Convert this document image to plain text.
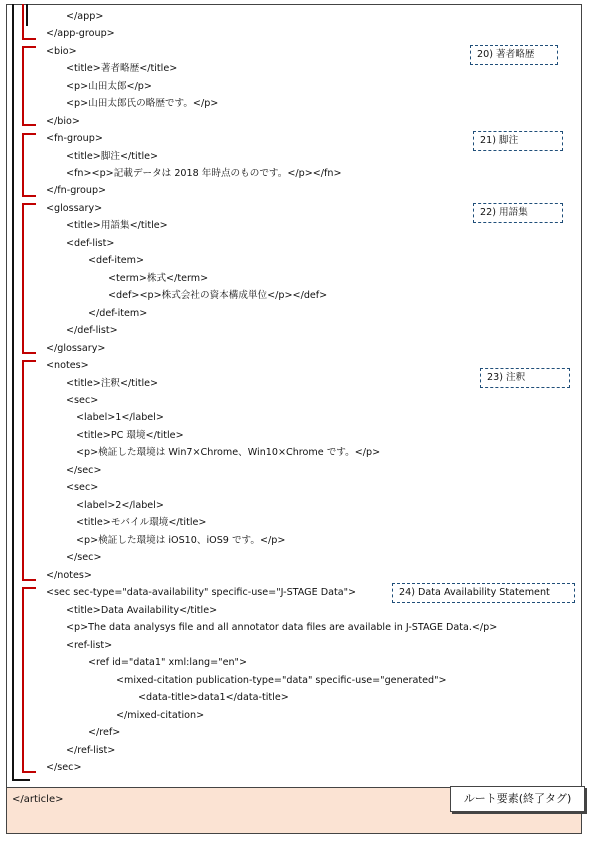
</app>
</app-group>
<bio>
<title>著者略歴</title>
<p>山田太郎</p>
<p>山田太郎氏の略歴です。</p>
</bio>
<fn-group>
<title>脚注</title>
<fn><p>記載データは 2018 年時点のものです。</p></fn>
</fn-group>
<glossary>
<title>用語集</title>
<def-list>
<def-item>
<term>株式</term>
<def><p>株式会社の資本構成単位</p></def>
</def-item>
</def-list>
</glossary>
<notes>
<title>注釈</title>
<sec>
<label>1</label>
<title>PC 環境</title>
<p>検証した環境は Win7×Chrome、Win10×Chrome です。</p>
</sec>
<sec>
<label>2</label>
<title>モバイル環境</title>
<p>検証した環境は iOS10、iOS9 です。</p>
</sec>
</notes>
<sec sec-type="data-availability" specific-use="J-STAGE Data">
<title>Data Availability</title>
<p>The data analysys file and all annotator data files are available in J-STAGE Data.</p>
<ref-list>
<ref id="data1" xml:lang="en">
<mixed-citation publication-type="data" specific-use="generated">
<data-title>data1</data-title>
</mixed-citation>
</ref>
</ref-list>
</sec>
20) 著者略歴
21) 脚注
22) 用語集
23) 注釈
24) Data Availability Statement
</article>	ルート要素(終了タグ)
